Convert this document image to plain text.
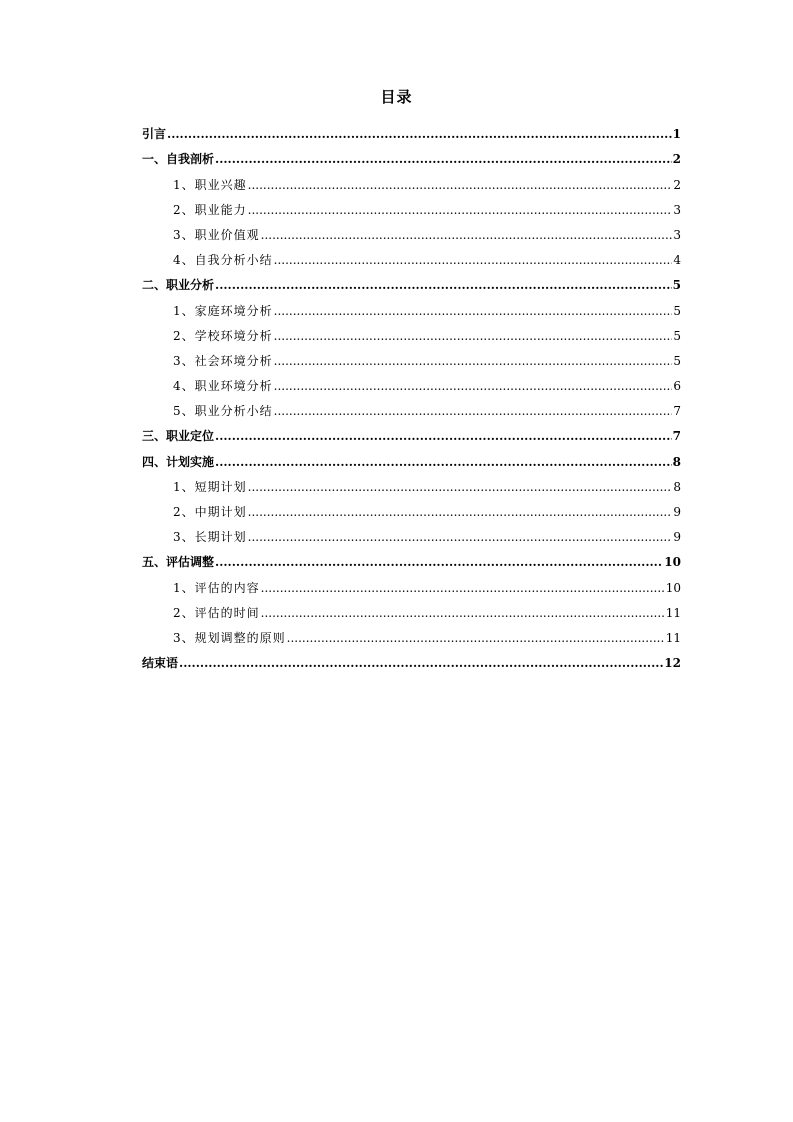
目录
引言 .....	1
一、自我剖析 .....	2
1、职业兴趣 .....	2
2、职业能力 .....	3
3、职业价值观 .....	3
4、自我分析小结 .....	4
二、职业分析 .....	5
1、家庭环境分析 .....	5
2、学校环境分析 .....	5
3、社会环境分析 .....	5
4、职业环境分析 .....	6
5、职业分析小结 .....	7
三、职业定位 .....	7
四、计划实施 .....	8
1、短期计划 .....	8
2、中期计划 .....	9
3、长期计划 .....	9
五、评估调整 .....	10
1、评估的内容 .....	10
2、评估的时间 .....	11
3、规划调整的原则 .....	11
结束语 .....	12
